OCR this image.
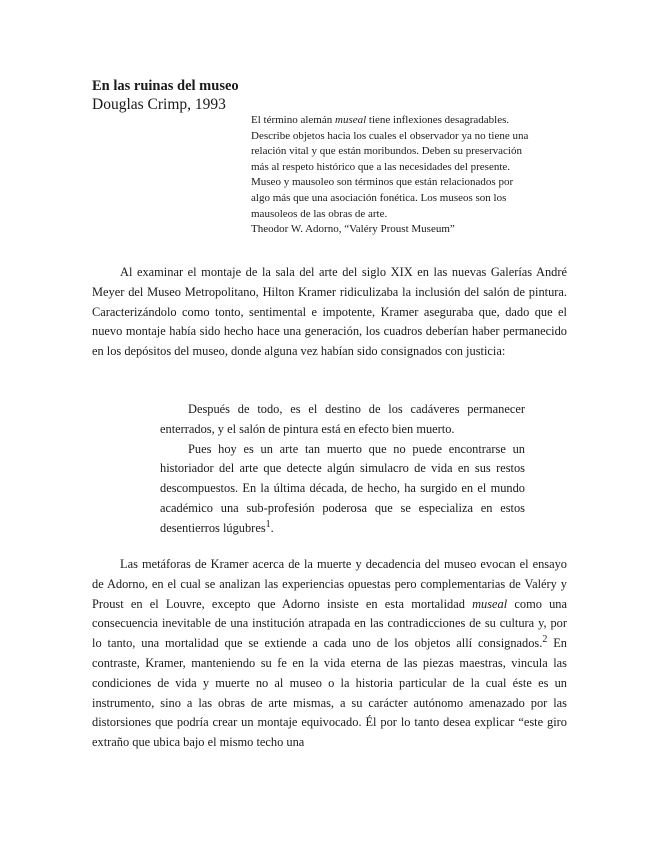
En las ruinas del museo
Douglas Crimp, 1993
El término alemán museal tiene inflexiones desagradables.
Describe objetos hacia los cuales el observador ya no tiene una
relación vital y que están moribundos. Deben su preservación
más al respeto histórico que a las necesidades del presente.
Museo y mausoleo son términos que están relacionados por
algo más que una asociación fonética. Los museos son los
mausoleos de las obras de arte.
Theodor W. Adorno, “Valéry Proust Museum”

Al examinar el montaje de la sala del arte del siglo XIX en las nuevas Galerías André Meyer del Museo Metropolitano, Hilton Kramer ridiculizaba la inclusión del salón de pintura. Caracterizándolo como tonto, sentimental e impotente, Kramer aseguraba que, dado que el nuevo montaje había sido hecho hace una generación, los cuadros deberían haber permanecido en los depósitos del museo, donde alguna vez habían sido consignados con justicia:

Después de todo, es el destino de los cadáveres permanecer enterrados, y el salón de pintura está en efecto bien muerto.

Pues hoy es un arte tan muerto que no puede encontrarse un historiador del arte que detecte algún simulacro de vida en sus restos descompuestos. En la última década, de hecho, ha surgido en el mundo académico una sub-profesión poderosa que se especializa en estos desentierros lúgubres$^1$.

Las metáforas de Kramer acerca de la muerte y decadencia del museo evocan el ensayo de Adorno, en el cual se analizan las experiencias opuestas pero complementarias de Valéry y Proust en el Louvre, excepto que Adorno insiste en esta mortalidad museal como una consecuencia inevitable de una institución atrapada en las contradicciones de su cultura y, por lo tanto, una mortalidad que se extiende a cada uno de los objetos allí consignados.$^2$ En contraste, Kramer, manteniendo su fe en la vida eterna de las piezas maestras, vincula las condiciones de vida y muerte no al museo o la historia particular de la cual éste es un instrumento, sino a las obras de arte mismas, a su carácter autónomo amenazado por las distorsiones que podría crear un montaje equivocado. Él por lo tanto desea explicar “este giro extraño que ubica bajo el mismo techo una
